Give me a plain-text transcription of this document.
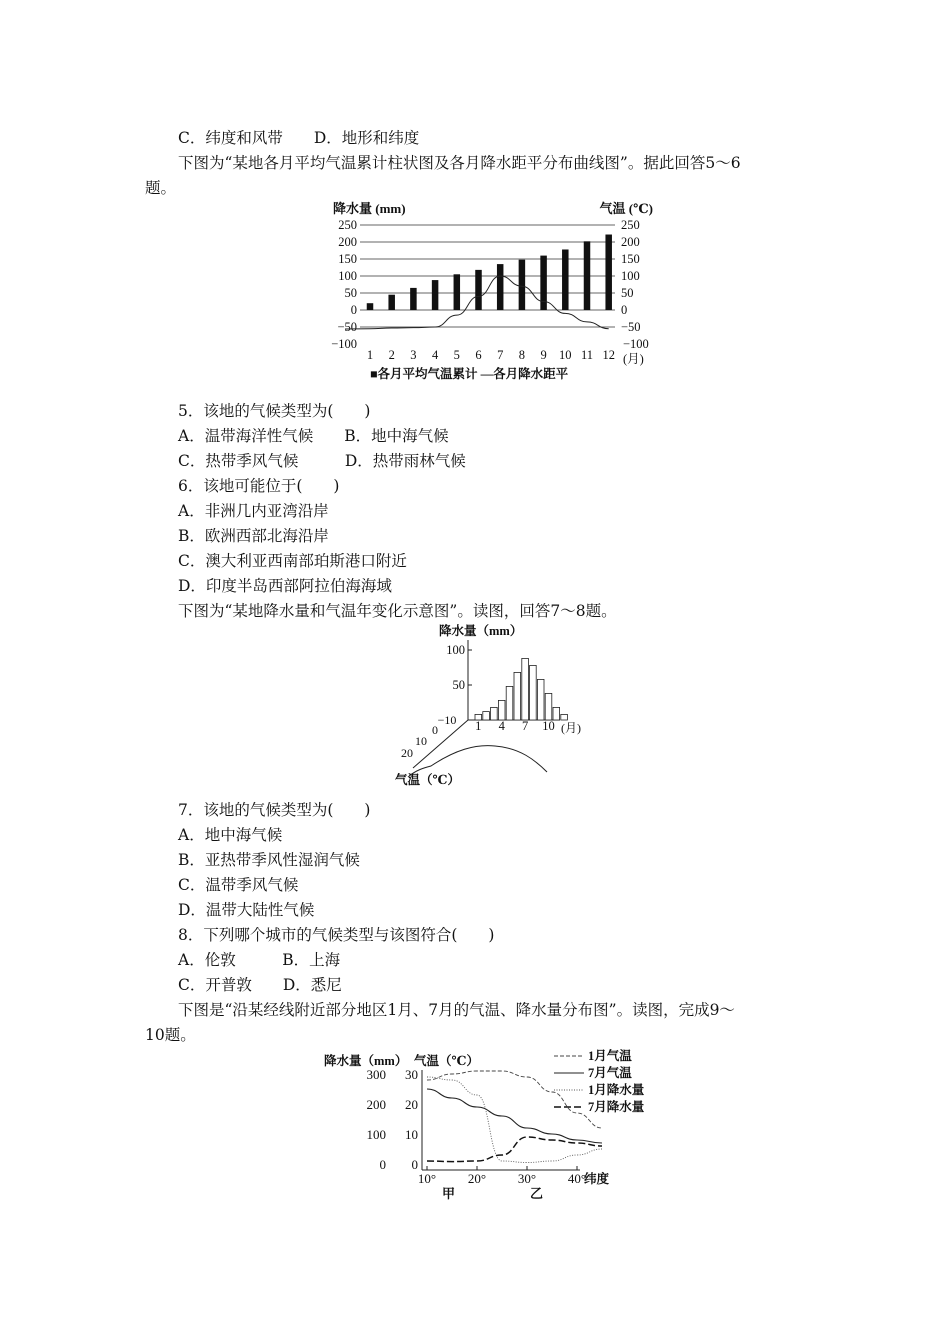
C．纬度和风带　　D．地形和纬度
下图为“某地各月平均气温累计柱状图及各月降水距平分布曲线图”。据此回答5～6
题。
5．该地的气候类型为(　　)
A．温带海洋性气候　　B．地中海气候
C．热带季风气候　　　D．热带雨林气候
6．该地可能位于(　　)
A．非洲几内亚湾沿岸
B．欧洲西部北海沿岸
C．澳大利亚西南部珀斯港口附近
D．印度半岛西部阿拉伯海海域
下图为“某地降水量和气温年变化示意图”。读图，回答7～8题。
7．该地的气候类型为(　　)
A．地中海气候
B．亚热带季风性湿润气候
C．温带季风气候
D．温带大陆性气候
8．下列哪个城市的气候类型与该图符合(　　)
A．伦敦　　　B．上海
C．开普敦　　D．悉尼
下图是“沿某经线附近部分地区1月、7月的气温、降水量分布图”。读图，完成9～
10题。
降水量 (mm)	气温 (℃)
250	250
200	200
150	150
100	100
50	50
0	0
−50	−50
−100	−100
1 2 3 4 5 6 7 8 9 10 11 12 (月)
■各月平均气温累计 —各月降水距平
降水量（mm）
100
50
1 4 7 10 (月)
−10
0
10
20
气温（℃）
降水量（mm） 气温（℃）
300 30
200 20
100 10
0 0
10° 20° 30° 40°
纬度
甲	乙
1月气温
7月气温
1月降水量
7月降水量
